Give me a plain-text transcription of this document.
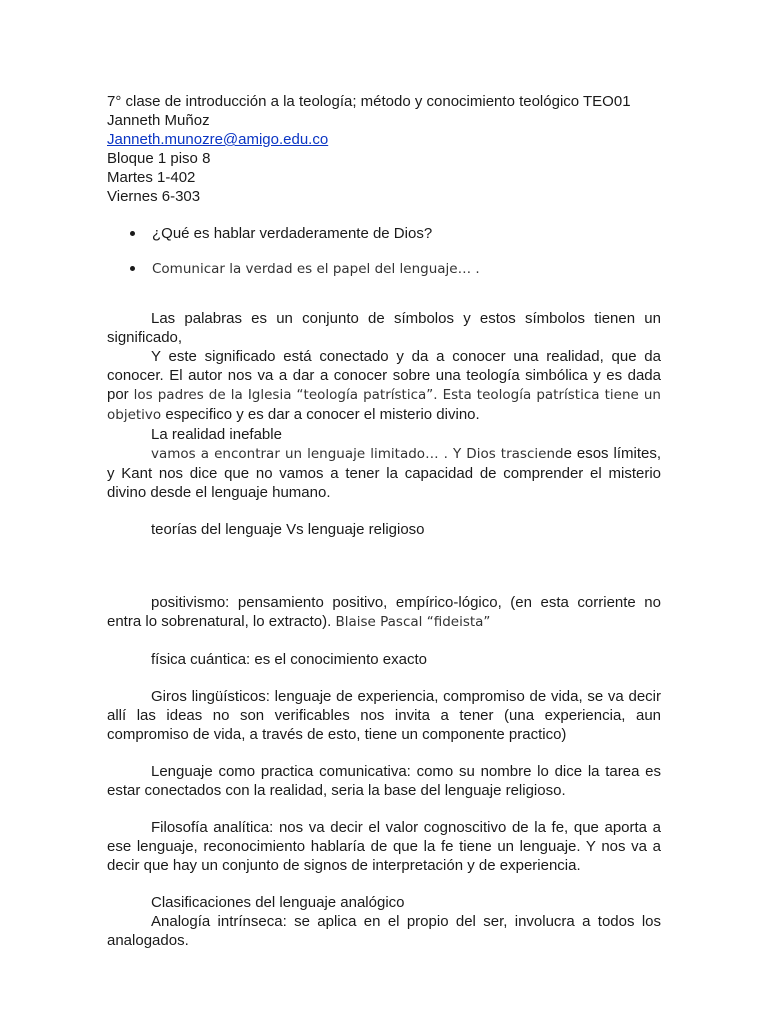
7° clase de introducción a la teología; método y conocimiento teológico TEO01
Janneth Muñoz
Janneth.munozre@amigo.edu.co
Bloque 1 piso 8
Martes 1-402
Viernes 6-303
¿Qué es hablar verdaderamente de Dios?
Comunicar la verdad es el papel del lenguaje… .

Las palabras es un conjunto de símbolos y estos símbolos tienen un significado,

Y este significado está conectado y da a conocer una realidad, que da conocer. El autor nos va a dar a conocer sobre una teología simbólica y es dada por los padres de la Iglesia “teología patrística”. Esta teología patrística tiene un objetivo especifico y es dar a conocer el misterio divino.

La realidad inefable

vamos a encontrar un lenguaje limitado… . Y Dios trasciende esos límites, y Kant nos dice que no vamos a tener la capacidad de comprender el misterio divino desde el lenguaje humano.

teorías del lenguaje Vs lenguaje religioso

positivismo: pensamiento positivo, empírico-lógico, (en esta corriente no entra lo sobrenatural, lo extracto). Blaise Pascal “fideista”

física cuántica: es el conocimiento exacto

Giros lingüísticos: lenguaje de experiencia, compromiso de vida, se va decir allí las ideas no son verificables nos invita a tener (una experiencia, aun compromiso de vida, a través de esto, tiene un componente practico)

Lenguaje como practica comunicativa: como su nombre lo dice la tarea es estar conectados con la realidad, seria la base del lenguaje religioso.

Filosofía analítica: nos va decir el valor cognoscitivo de la fe, que aporta a ese lenguaje, reconocimiento hablaría de que la fe tiene un lenguaje. Y nos va a decir que hay un conjunto de signos de interpretación y de experiencia.

Clasificaciones del lenguaje analógico

Analogía intrínseca: se aplica en el propio del ser, involucra a todos los analogados.
